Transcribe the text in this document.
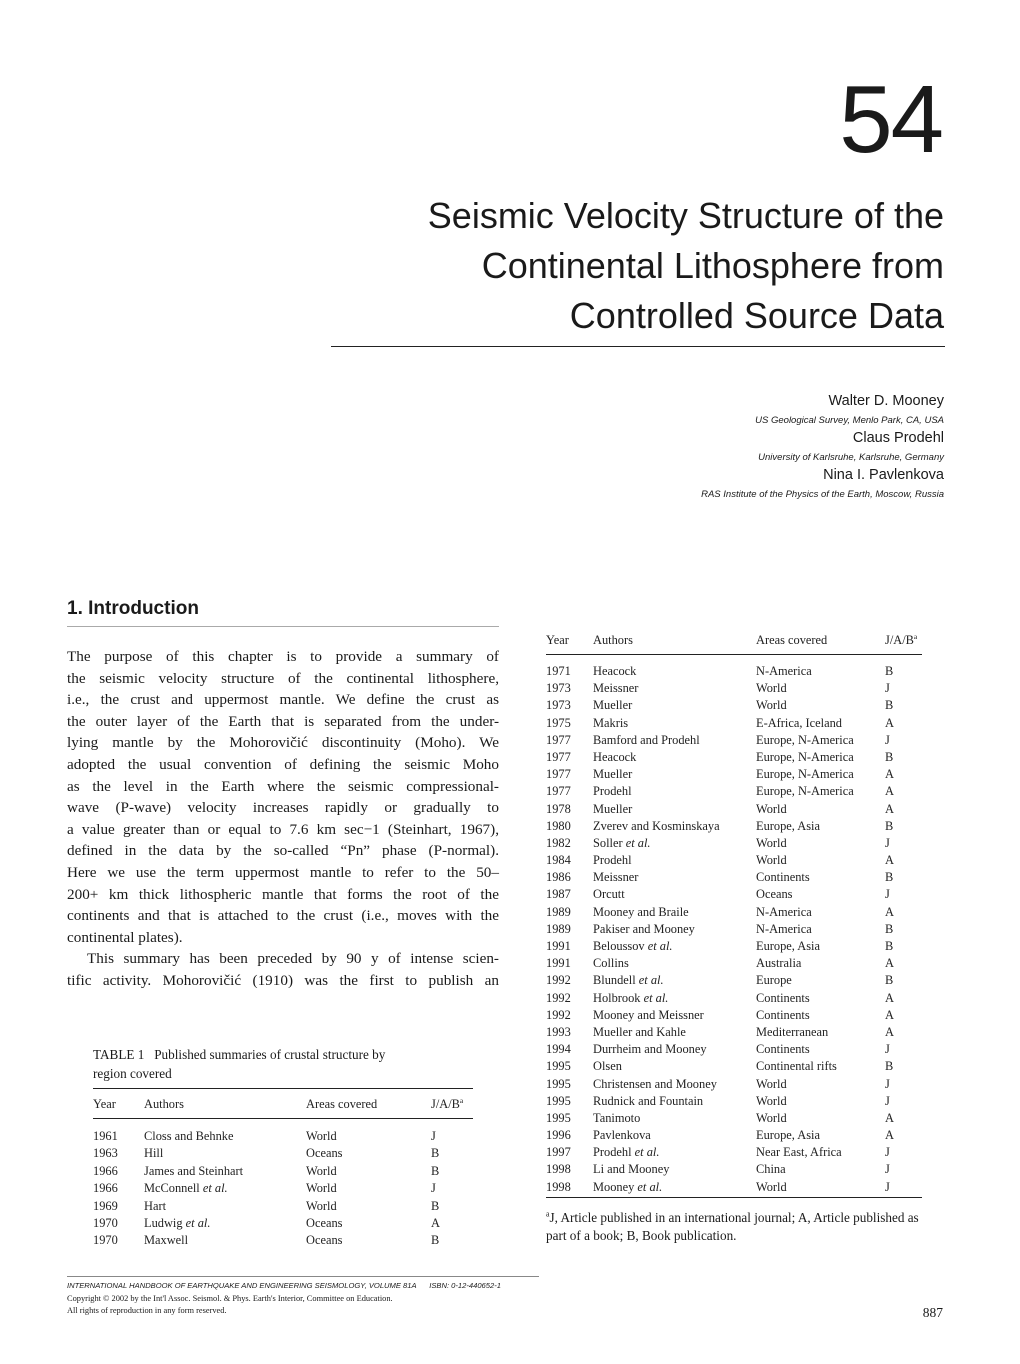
54
Seismic Velocity Structure of the
Continental Lithosphere from
Controlled Source Data
Walter D. Mooney
US Geological Survey, Menlo Park, CA, USA
Claus Prodehl
University of Karlsruhe, Karlsruhe, Germany
Nina I. Pavlenkova
RAS Institute of the Physics of the Earth, Moscow, Russia
1. Introduction
The purpose of this chapter is to provide a summary of
the seismic velocity structure of the continental lithosphere,
i.e., the crust and uppermost mantle. We define the crust as
the outer layer of the Earth that is separated from the under-
lying mantle by the Mohorovičić discontinuity (Moho). We
adopted the usual convention of defining the seismic Moho
as the level in the Earth where the seismic compressional-
wave (P-wave) velocity increases rapidly or gradually to
a value greater than or equal to 7.6 km sec−1 (Steinhart, 1967),
defined in the data by the so-called “Pn” phase (P-normal).
Here we use the term uppermost mantle to refer to the 50–
200+ km thick lithospheric mantle that forms the root of the
continents and that is attached to the crust (i.e., moves with the
continental plates).
This summary has been preceded by 90 y of intense scien-
tific activity. Mohorovičić (1910) was the first to publish an
TABLE 1 Published summaries of crustal structure by
region covered
Year	Authors	Areas covered	$J/A/B^a$
1961	Closs and Behnke	World	J
1963	Hill	Oceans	B
1966	James and Steinhart	World	B
1966	McConnell et al.	World	J
1969	Hart	World	B
1970	Ludwig et al.	Oceans	A
1970	Maxwell	Oceans	B
Year	Authors	Areas covered	$J/A/B^a$
1971	Heacock	N-America	B
1973	Meissner	World	J
1973	Mueller	World	B
1975	Makris	E-Africa, Iceland	A
1977	Bamford and Prodehl	Europe, N-America	J
1977	Heacock	Europe, N-America	B
1977	Mueller	Europe, N-America	A
1977	Prodehl	Europe, N-America	A
1978	Mueller	World	A
1980	Zverev and Kosminskaya	Europe, Asia	B
1982	Soller et al.	World	J
1984	Prodehl	World	A
1986	Meissner	Continents	B
1987	Orcutt	Oceans	J
1989	Mooney and Braile	N-America	A
1989	Pakiser and Mooney	N-America	B
1991	Beloussov et al.	Europe, Asia	B
1991	Collins	Australia	A
1992	Blundell et al.	Europe	B
1992	Holbrook et al.	Continents	A
1992	Mooney and Meissner	Continents	A
1993	Mueller and Kahle	Mediterranean	A
1994	Durrheim and Mooney	Continents	J
1995	Olsen	Continental rifts	B
1995	Christensen and Mooney	World	J
1995	Rudnick and Fountain	World	J
1995	Tanimoto	World	A
1996	Pavlenkova	Europe, Asia	A
1997	Prodehl et al.	Near East, Africa	J
1998	Li and Mooney	China	J
1998	Mooney et al.	World	J
$^a$J, Article published in an international journal; A, Article published as part of a book; B, Book publication.
INTERNATIONAL HANDBOOK OF EARTHQUAKE AND ENGINEERING SEISMOLOGY, VOLUME 81A ISBN: 0-12-440652-1
Copyright © 2002 by the Int'l Assoc. Seismol. & Phys. Earth's Interior, Committee on Education.
All rights of reproduction in any form reserved.	887
